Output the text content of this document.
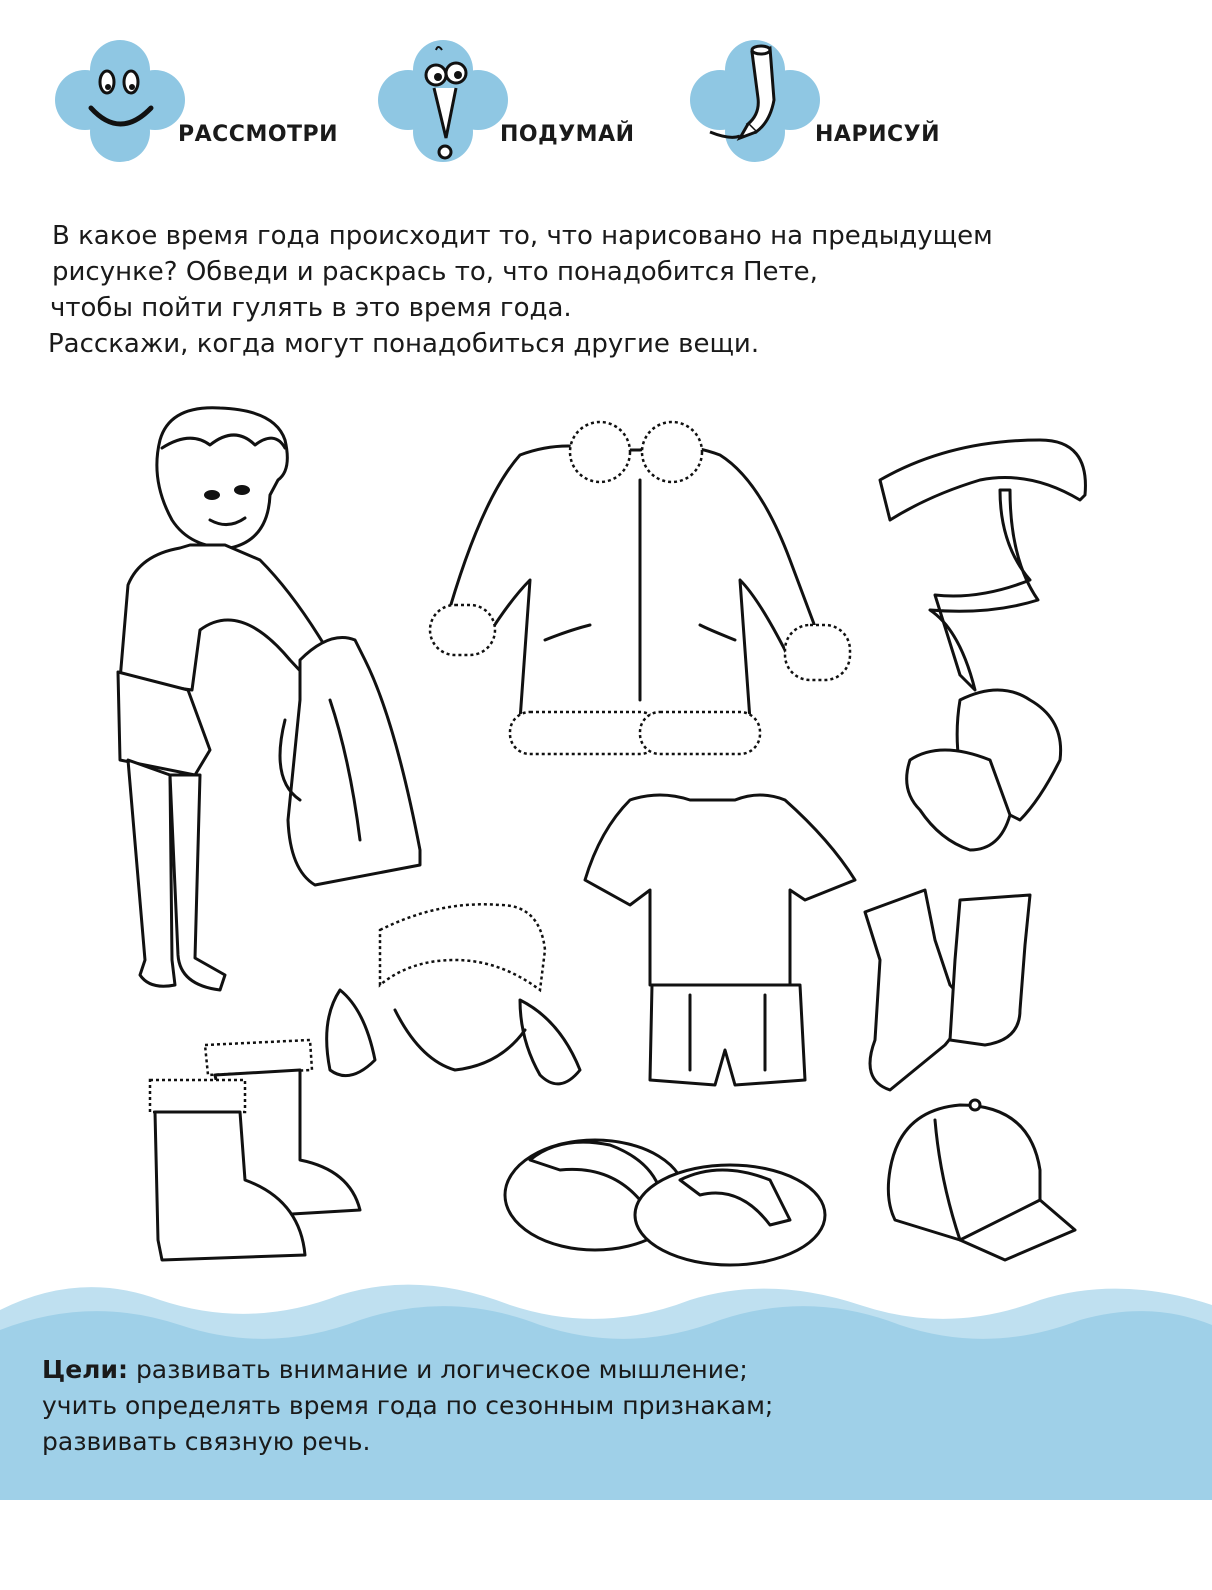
РАССМОТРИ	ПОДУМАЙ	НАРИСУЙ
В какое время года происходит то, что нарисовано на предыдущем
рисунке? Обведи и раскрась то, что понадобится Пете,
чтобы пойти гулять в это время года.
Расскажи, когда могут понадобиться другие вещи.
Цели: развивать внимание и логическое мышление;
учить определять время года по сезонным признакам;
развивать связную речь.
